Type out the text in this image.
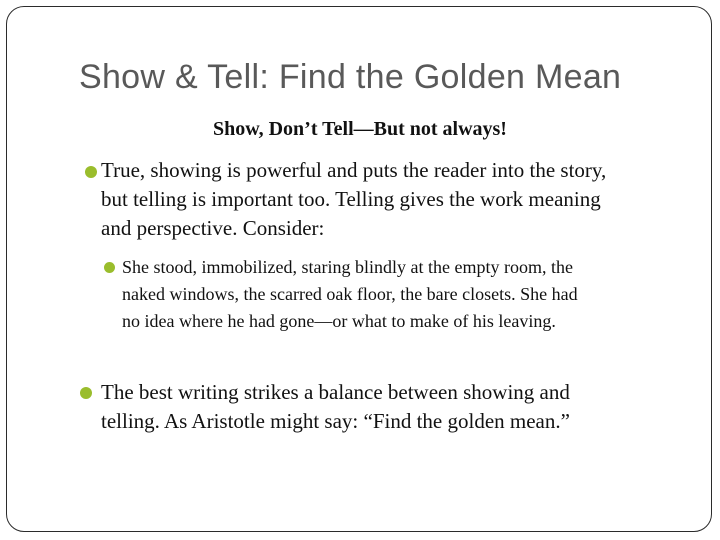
Show & Tell: Find the Golden Mean
Show, Don’t Tell—But not always!
True, showing is powerful and puts the reader into the story,
but telling is important too. Telling gives the work meaning
and perspective. Consider:
She stood, immobilized, staring blindly at the empty room, the
naked windows, the scarred oak floor, the bare closets. She had
no idea where he had gone—or what to make of his leaving.
The best writing strikes a balance between showing and
telling. As Aristotle might say: “Find the golden mean.”
